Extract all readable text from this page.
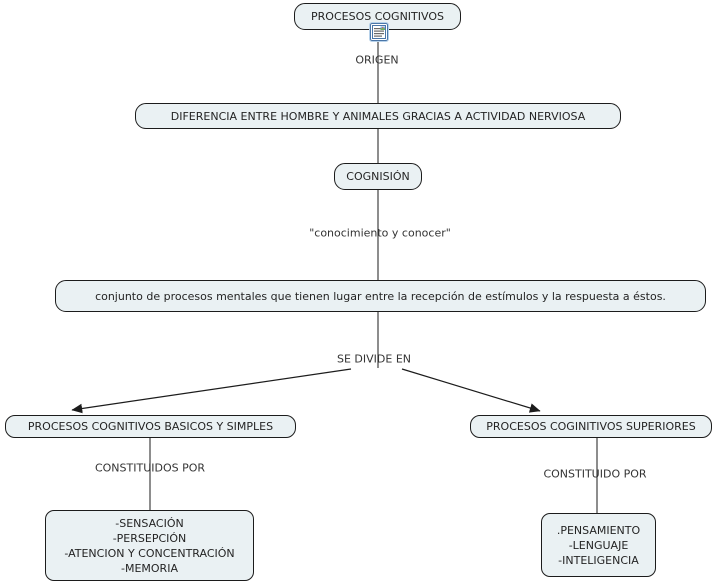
PROCESOS COGNITIVOS
ORIGEN
DIFERENCIA ENTRE HOMBRE Y ANIMALES GRACIAS A ACTIVIDAD NERVIOSA
COGNISIÓN
"conocimiento y conocer"
conjunto de procesos mentales que tienen lugar entre la recepción de estímulos y la respuesta a éstos.
SE DIVIDE EN
PROCESOS COGNITIVOS BASICOS Y SIMPLES	PROCESOS COGINITIVOS SUPERIORES
CONSTITUIDOS POR	CONSTITUIDO POR
-SENSACIÓN
-PERSEPCIÓN
-ATENCION Y CONCENTRACIÓN
-MEMORIA
.PENSAMIENTO
-LENGUAJE
-INTELIGENCIA
